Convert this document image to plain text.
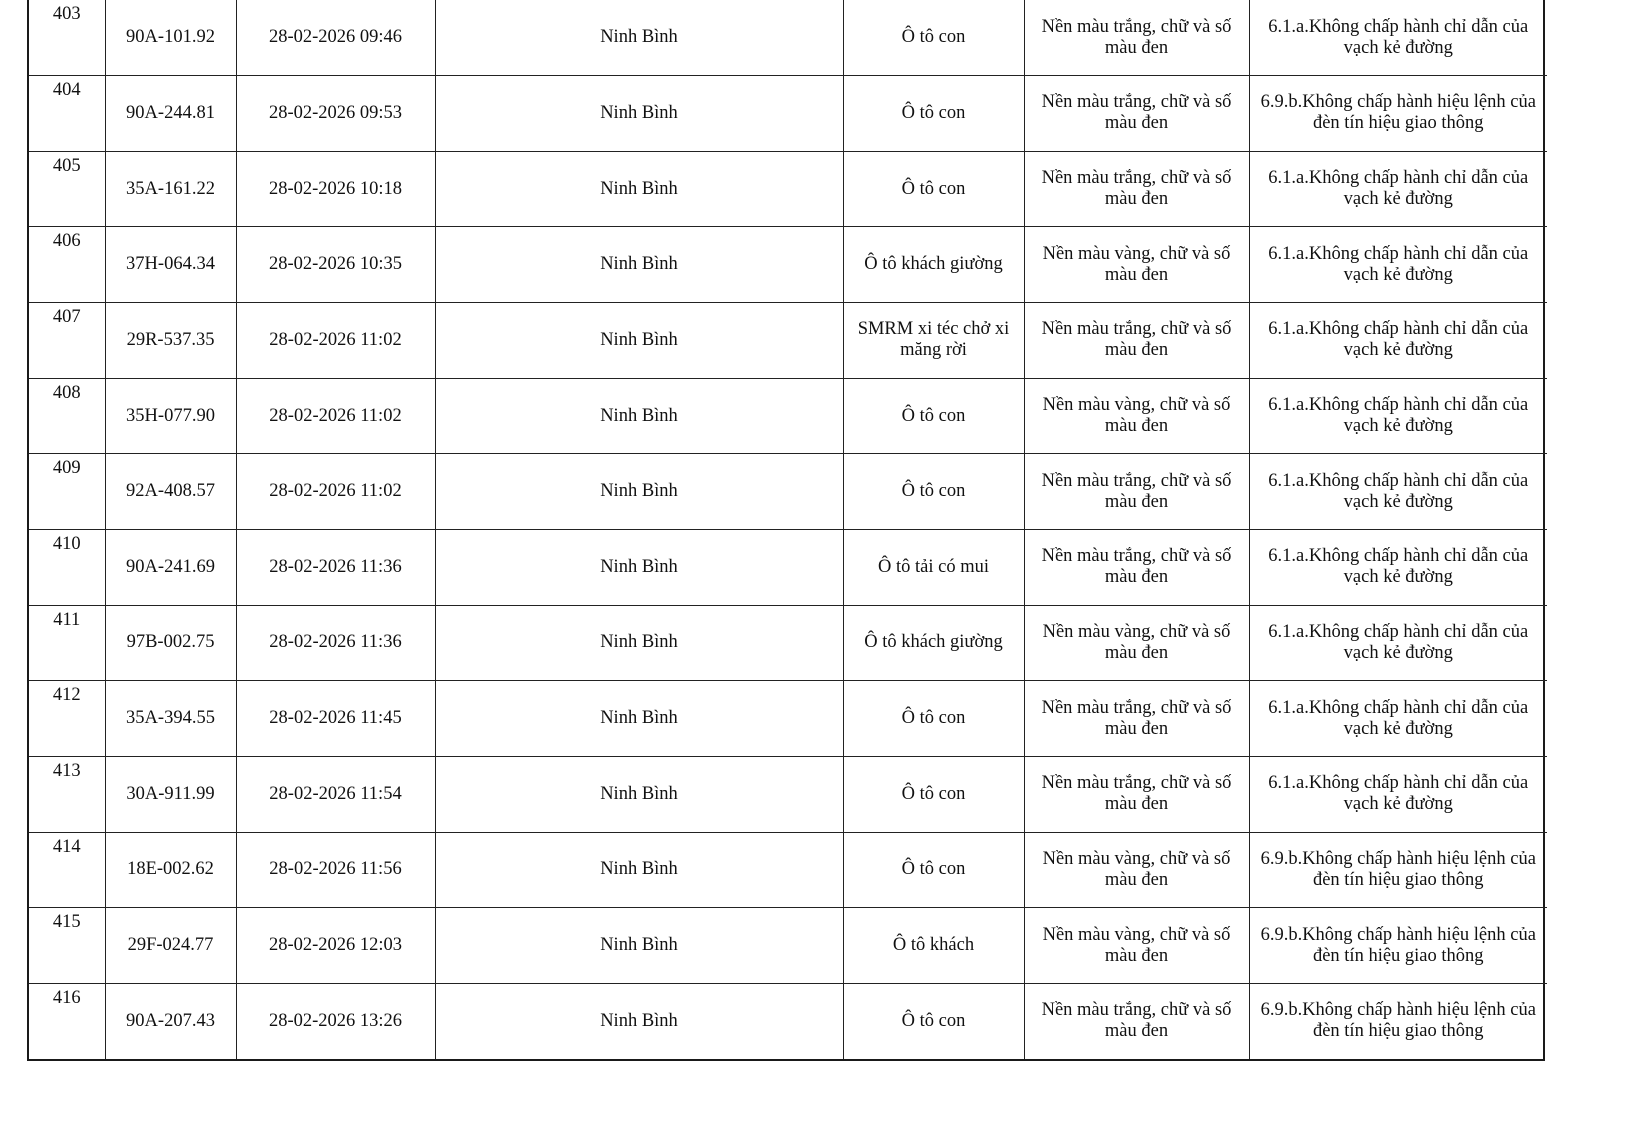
403	90A-101.92	28-02-2026 09:46	Ninh Bình	Ô tô con	Nền màu trắng, chữ và số màu đen	6.1.a.Không chấp hành chỉ dẫn của vạch kẻ đường
404	90A-244.81	28-02-2026 09:53	Ninh Bình	Ô tô con	Nền màu trắng, chữ và số màu đen	6.9.b.Không chấp hành hiệu lệnh của đèn tín hiệu giao thông
405	35A-161.22	28-02-2026 10:18	Ninh Bình	Ô tô con	Nền màu trắng, chữ và số màu đen	6.1.a.Không chấp hành chỉ dẫn của vạch kẻ đường
406	37H-064.34	28-02-2026 10:35	Ninh Bình	Ô tô khách giường	Nền màu vàng, chữ và số màu đen	6.1.a.Không chấp hành chỉ dẫn của vạch kẻ đường
407	29R-537.35	28-02-2026 11:02	Ninh Bình	SMRM xi téc chở xi măng rời	Nền màu trắng, chữ và số màu đen	6.1.a.Không chấp hành chỉ dẫn của vạch kẻ đường
408	35H-077.90	28-02-2026 11:02	Ninh Bình	Ô tô con	Nền màu vàng, chữ và số màu đen	6.1.a.Không chấp hành chỉ dẫn của vạch kẻ đường
409	92A-408.57	28-02-2026 11:02	Ninh Bình	Ô tô con	Nền màu trắng, chữ và số màu đen	6.1.a.Không chấp hành chỉ dẫn của vạch kẻ đường
410	90A-241.69	28-02-2026 11:36	Ninh Bình	Ô tô tải có mui	Nền màu trắng, chữ và số màu đen	6.1.a.Không chấp hành chỉ dẫn của vạch kẻ đường
411	97B-002.75	28-02-2026 11:36	Ninh Bình	Ô tô khách giường	Nền màu vàng, chữ và số màu đen	6.1.a.Không chấp hành chỉ dẫn của vạch kẻ đường
412	35A-394.55	28-02-2026 11:45	Ninh Bình	Ô tô con	Nền màu trắng, chữ và số màu đen	6.1.a.Không chấp hành chỉ dẫn của vạch kẻ đường
413	30A-911.99	28-02-2026 11:54	Ninh Bình	Ô tô con	Nền màu trắng, chữ và số màu đen	6.1.a.Không chấp hành chỉ dẫn của vạch kẻ đường
414	18E-002.62	28-02-2026 11:56	Ninh Bình	Ô tô con	Nền màu vàng, chữ và số màu đen	6.9.b.Không chấp hành hiệu lệnh của đèn tín hiệu giao thông
415	29F-024.77	28-02-2026 12:03	Ninh Bình	Ô tô khách	Nền màu vàng, chữ và số màu đen	6.9.b.Không chấp hành hiệu lệnh của đèn tín hiệu giao thông
416	90A-207.43	28-02-2026 13:26	Ninh Bình	Ô tô con	Nền màu trắng, chữ và số màu đen	6.9.b.Không chấp hành hiệu lệnh của đèn tín hiệu giao thông
